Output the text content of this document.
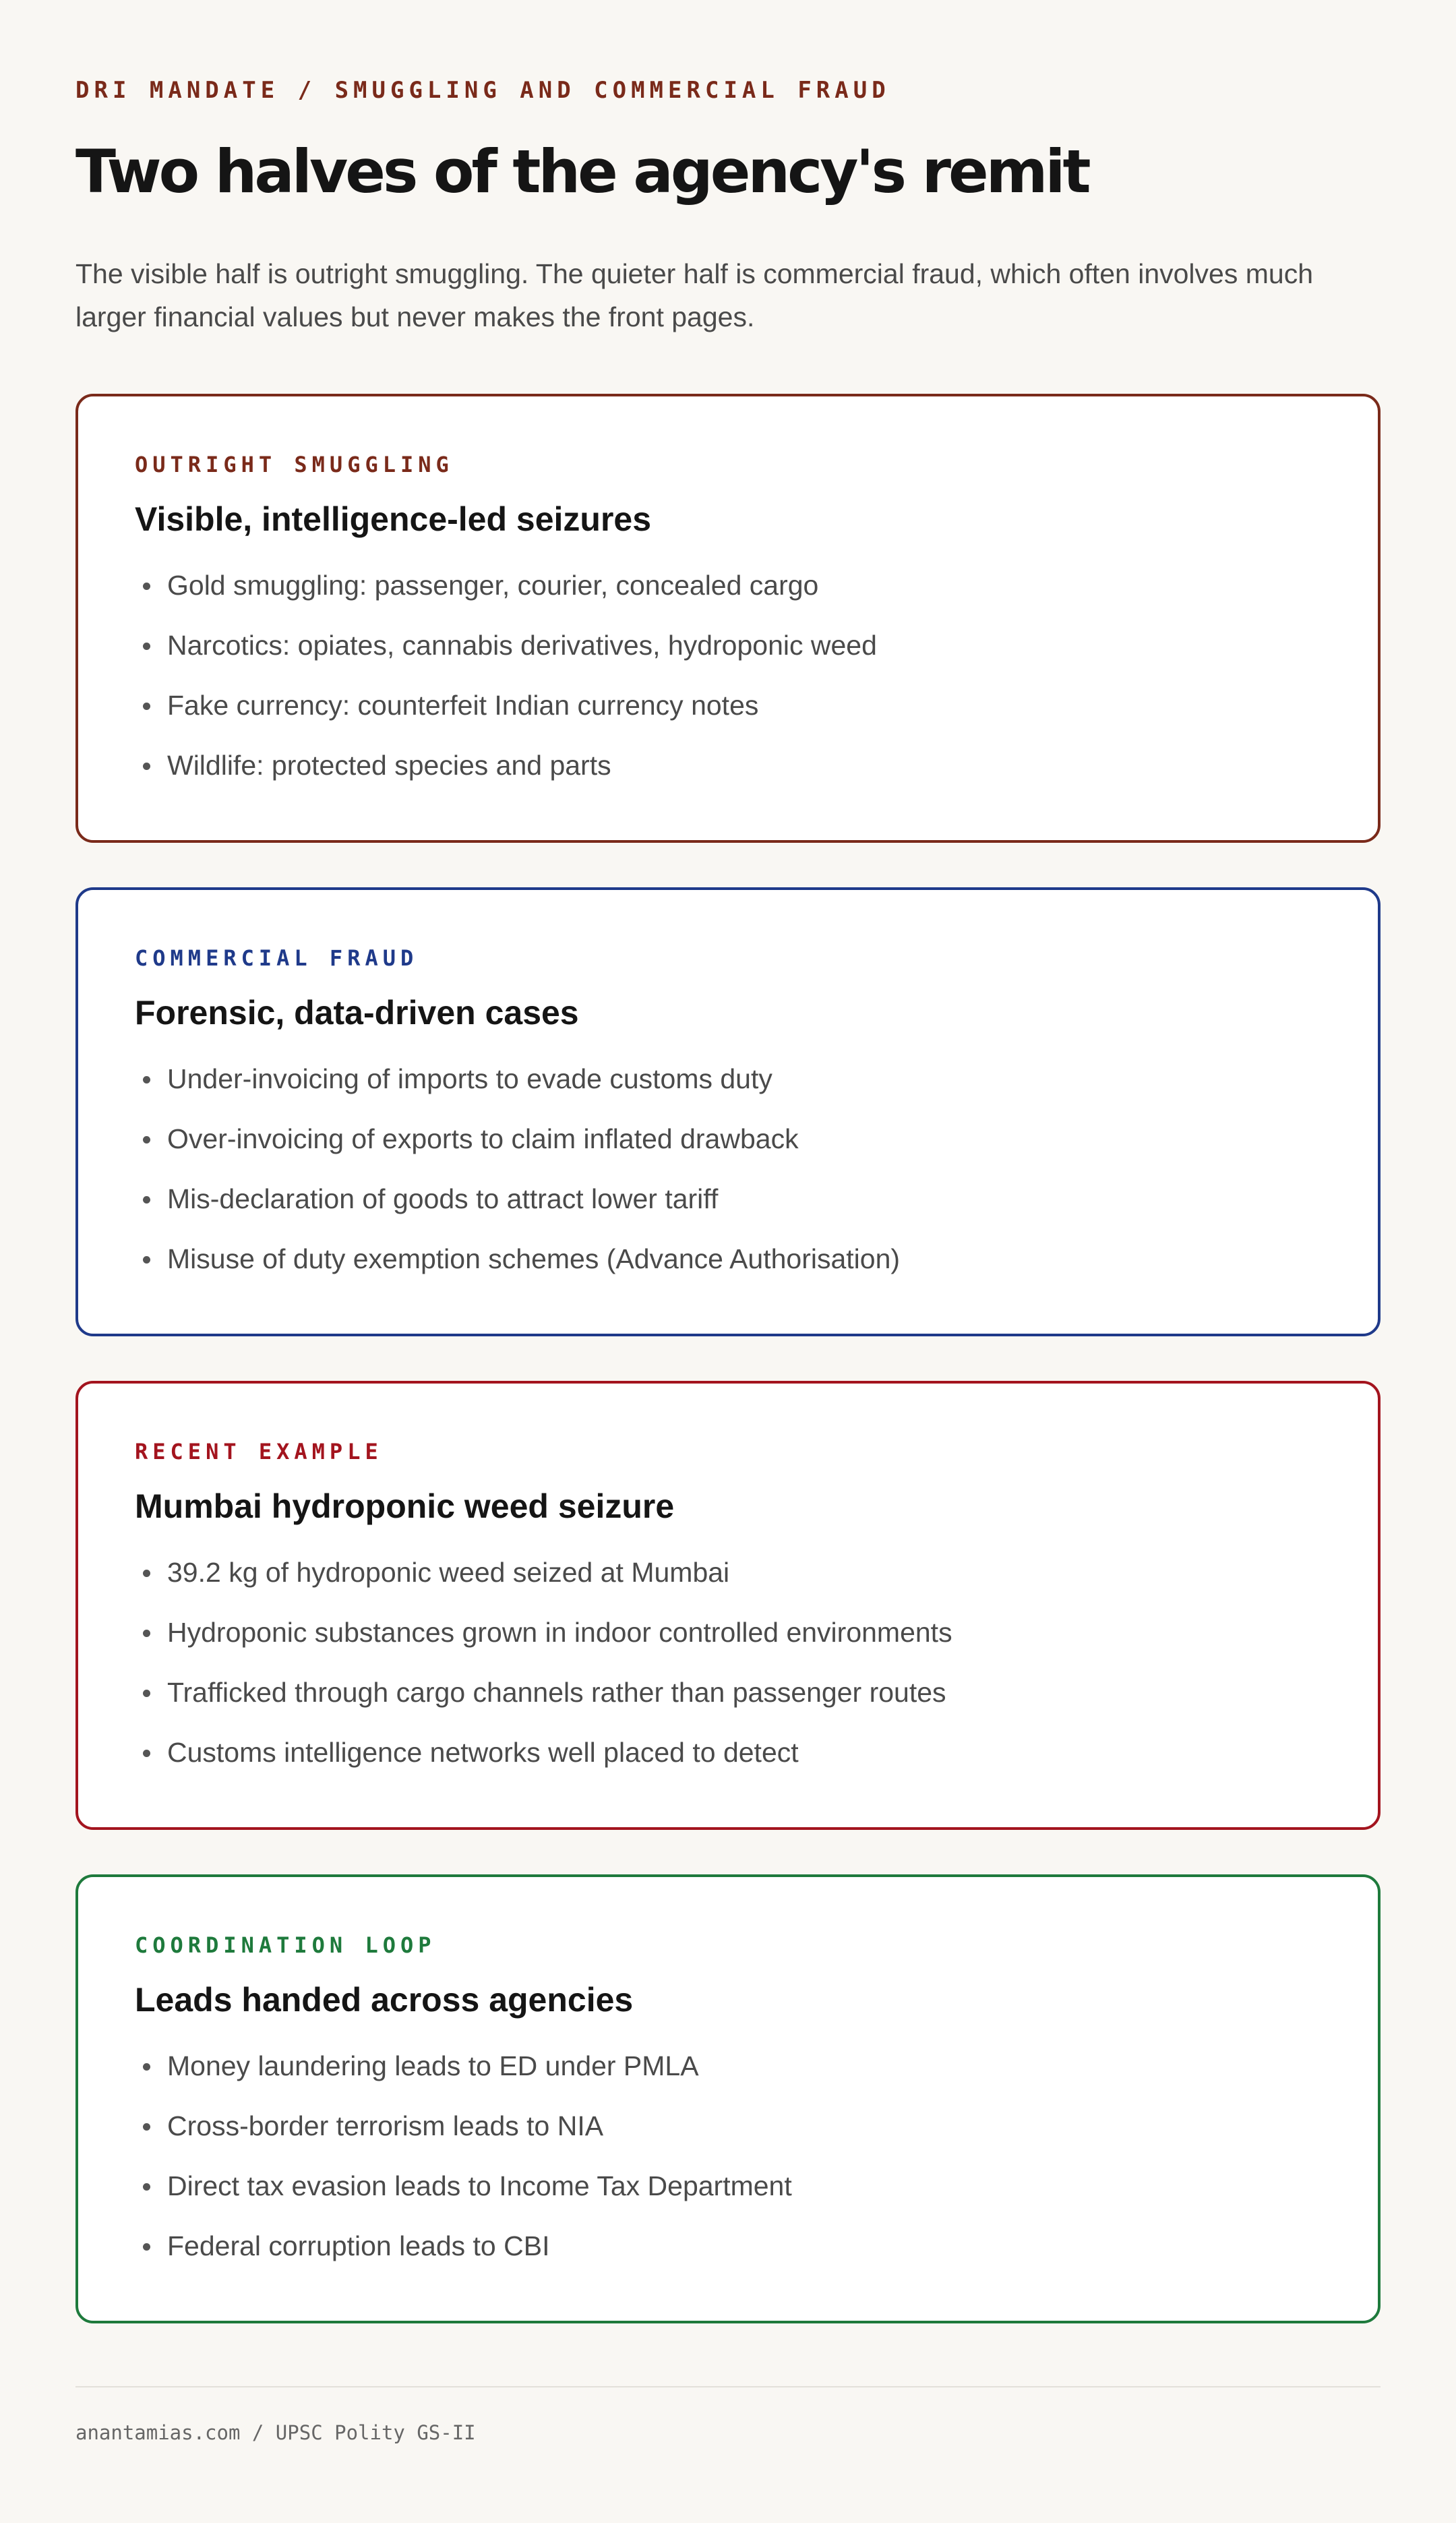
DRI MANDATE / SMUGGLING AND COMMERCIAL FRAUD
Two halves of the agency's remit

The visible half is outright smuggling. The quieter half is commercial fraud, which often involves much larger financial values but never makes the front pages.

OUTRIGHT SMUGGLING
Visible, intelligence-led seizures
Gold smuggling: passenger, courier, concealed cargo
Narcotics: opiates, cannabis derivatives, hydroponic weed
Fake currency: counterfeit Indian currency notes
Wildlife: protected species and parts
COMMERCIAL FRAUD
Forensic, data-driven cases
Under-invoicing of imports to evade customs duty
Over-invoicing of exports to claim inflated drawback
Mis-declaration of goods to attract lower tariff
Misuse of duty exemption schemes (Advance Authorisation)
RECENT EXAMPLE
Mumbai hydroponic weed seizure
39.2 kg of hydroponic weed seized at Mumbai
Hydroponic substances grown in indoor controlled environments
Trafficked through cargo channels rather than passenger routes
Customs intelligence networks well placed to detect
COORDINATION LOOP
Leads handed across agencies
Money laundering leads to ED under PMLA
Cross-border terrorism leads to NIA
Direct tax evasion leads to Income Tax Department
Federal corruption leads to CBI
anantamias.com / UPSC Polity GS-II
